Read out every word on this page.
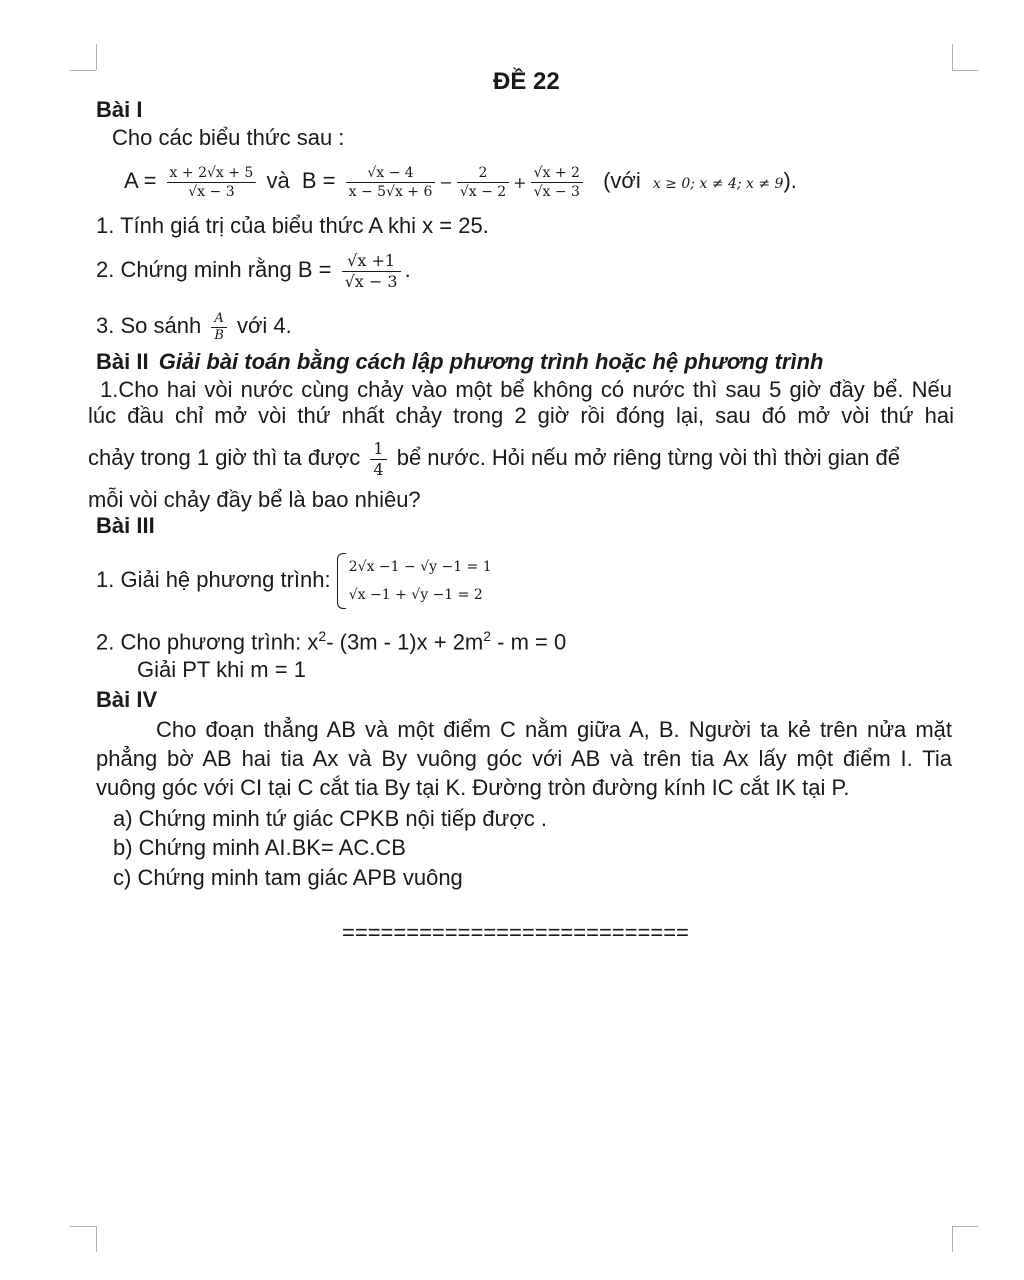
ĐỀ 22
Bài I
Cho các biểu thức sau :
$A = \frac{x + 2√x + 5}{√x - 3}$ và $B = \frac{√x - 4}{x - 5√x + 6} - \frac{2}{√x - 2} + \frac{√x + 2}{√x - 3}$ (với x ≥ 0; x ≠ 4; x ≠ 9).
1. Tính giá trị của biểu thức A khi x = 25.
2. Chứng minh rằng $B = \frac{√x +1}{√x - 3}$ .
3. So sánh $\frac{A}{B}$ với 4.
Bài II Giải bài toán bằng cách lập phương trình hoặc hệ phương trình
1.Cho hai vòi nước cùng chảy vào một bể không có nước thì sau 5 giờ đầy bể. Nếu
lúc đầu chỉ mở vòi thứ nhất chảy trong 2 giờ rồi đóng lại, sau đó mở vòi thứ hai
chảy trong 1 giờ thì ta được $\frac{1}{4}$ bể nước. Hỏi nếu mở riêng từng vòi thì thời gian để
mỗi vòi chảy đầy bể là bao nhiêu?
Bài III
1. Giải hệ phương trình: 2√x −1 − √y −1 = 1
√x −1 + √y −1 = 2
2. Cho phương trình: $x^2-$ $(3m - 1)x + 2m^2 - m = 0$
Giải PT khi m = 1
Bài IV
Cho đoạn thẳng AB và một điểm C nằm giữa A, B. Người ta kẻ trên nửa mặt
phẳng bờ AB hai tia Ax và By vuông góc với AB và trên tia Ax lấy một điểm I. Tia
vuông góc với CI tại C cắt tia By tại K. Đường tròn đường kính IC cắt IK tại P.
a) Chứng minh tứ giác CPKB nội tiếp được .
b) Chứng minh AI.BK= AC.CB
c) Chứng minh tam giác APB vuông
===========================
